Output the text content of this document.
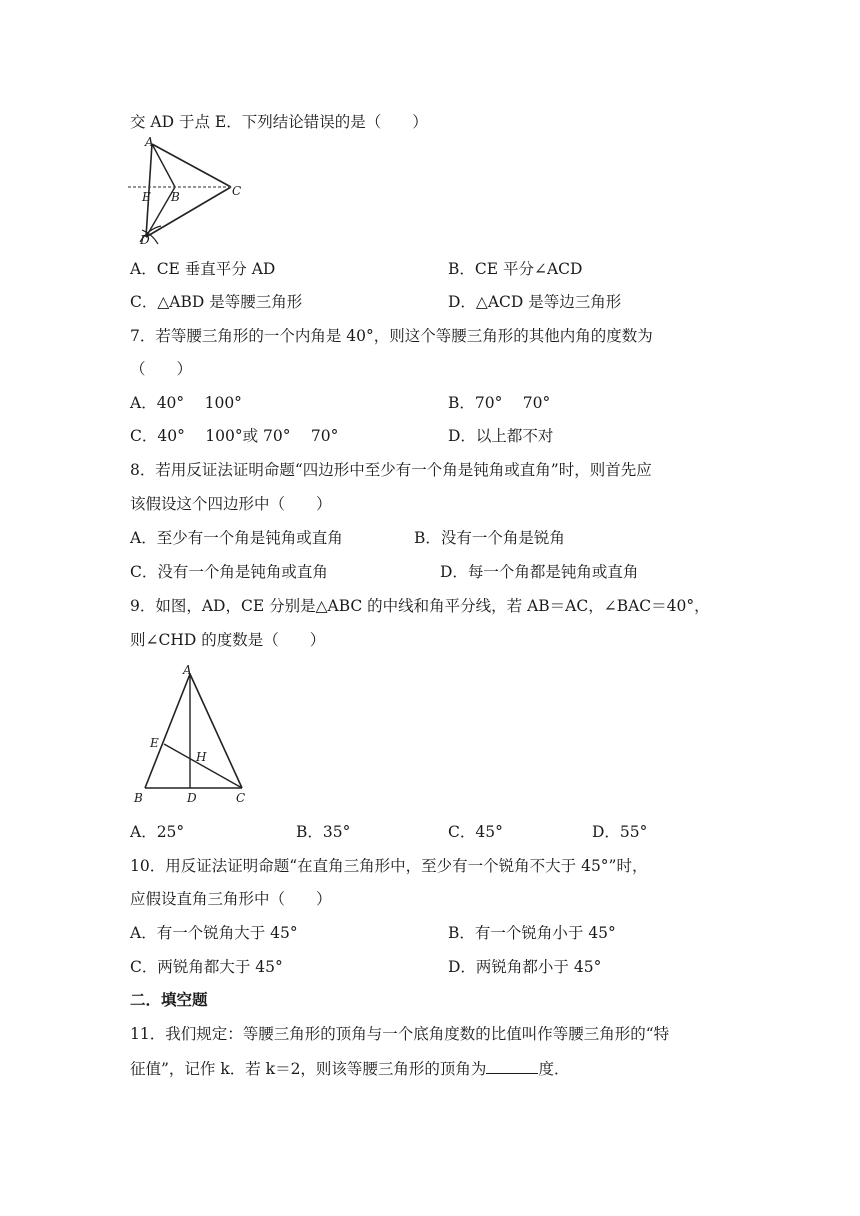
交 AD 于点 E．下列结论错误的是（　　）
A
E B	C
D
A．CE 垂直平分 AD	B．CE 平分∠ACD
C．△ABD 是等腰三角形	D．△ACD 是等边三角形
7．若等腰三角形的一个内角是 40°，则这个等腰三角形的其他内角的度数为
（　　）
A．40°　 100°	B．70°　 70°
C．40°　 100°或 70°　 70°	D．以上都不对
8．若用反证法证明命题“四边形中至少有一个角是钝角或直角”时，则首先应
该假设这个四边形中（　　）
A．至少有一个角是钝角或直角	B．没有一个角是锐角
C．没有一个角是钝角或直角	D．每一个角都是钝角或直角
9．如图，AD，CE 分别是△ABC 的中线和角平分线，若 AB＝AC，∠BAC＝40°，
则∠CHD 的度数是（　　）
A
E
H
B	D	C
A．25°	B．35°	C．45°	D．55°
10．用反证法证明命题“在直角三角形中，至少有一个锐角不大于 45°”时，
应假设直角三角形中（　　）
A．有一个锐角大于 45°	B．有一个锐角小于 45°
C．两锐角都大于 45°	D．两锐角都小于 45°
二．填空题
11．我们规定：等腰三角形的顶角与一个底角度数的比值叫作等腰三角形的“特
征值”，记作 k．若 k＝2，则该等腰三角形的顶角为	度．
